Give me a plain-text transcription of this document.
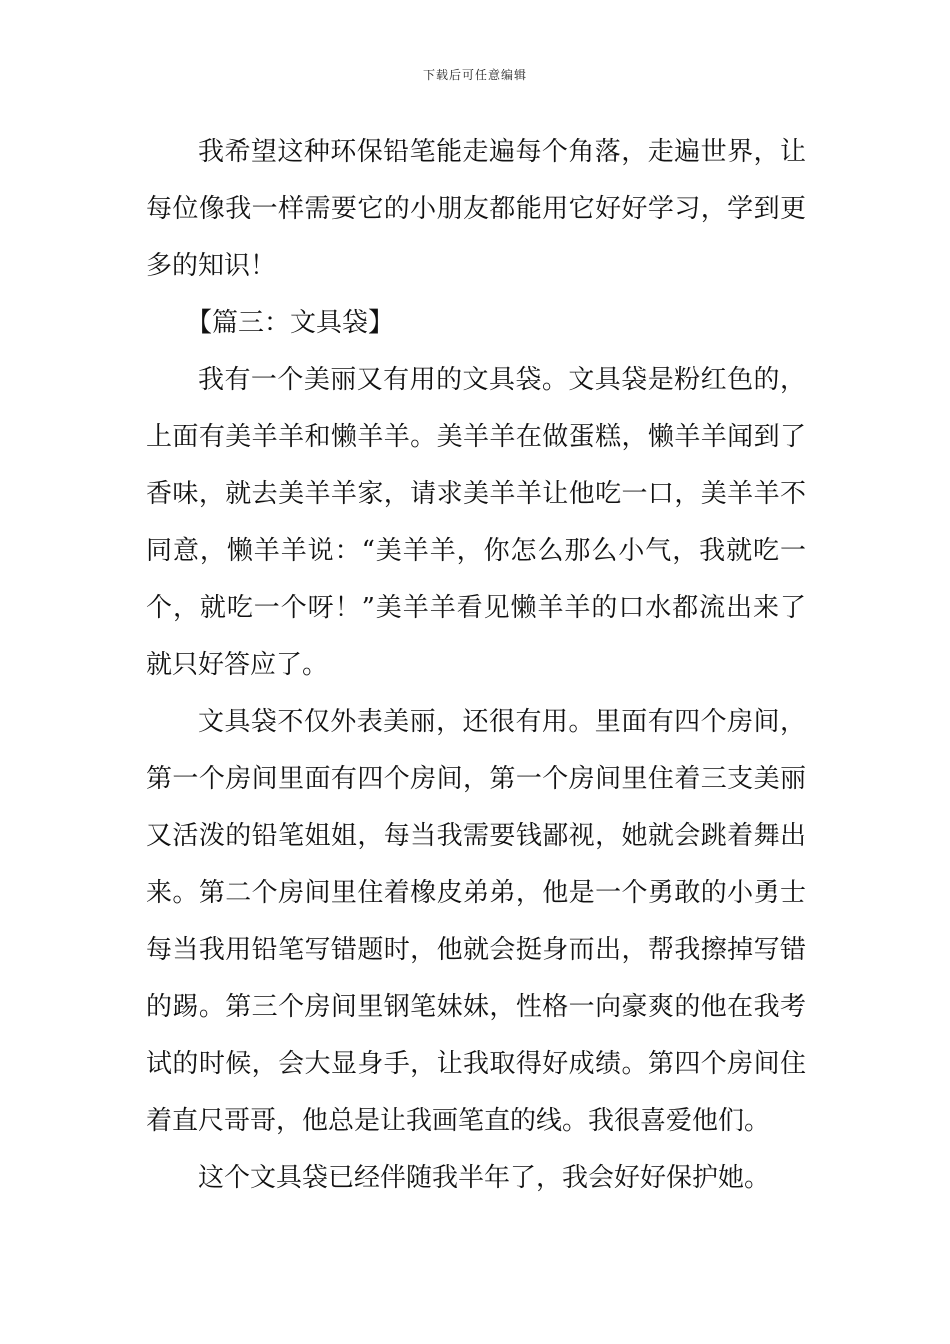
下载后可任意编辑
我希望这种环保铅笔能走遍每个角落，走遍世界，让
每位像我一样需要它的小朋友都能用它好好学习，学到更
多的知识！
【篇三：文具袋】
我有一个美丽又有用的文具袋。文具袋是粉红色的，
上面有美羊羊和懒羊羊。美羊羊在做蛋糕，懒羊羊闻到了
香味，就去美羊羊家，请求美羊羊让他吃一口，美羊羊不
同意，懒羊羊说：“美羊羊，你怎么那么小气，我就吃一
个，就吃一个呀！”美羊羊看见懒羊羊的口水都流出来了
就只好答应了。
文具袋不仅外表美丽，还很有用。里面有四个房间，
第一个房间里面有四个房间，第一个房间里住着三支美丽
又活泼的铅笔姐姐，每当我需要钱鄙视，她就会跳着舞出
来。第二个房间里住着橡皮弟弟，他是一个勇敢的小勇士
每当我用铅笔写错题时，他就会挺身而出，帮我擦掉写错
的踢。第三个房间里钢笔妹妹，性格一向豪爽的他在我考
试的时候，会大显身手，让我取得好成绩。第四个房间住
着直尺哥哥，他总是让我画笔直的线。我很喜爱他们。
这个文具袋已经伴随我半年了，我会好好保护她。
